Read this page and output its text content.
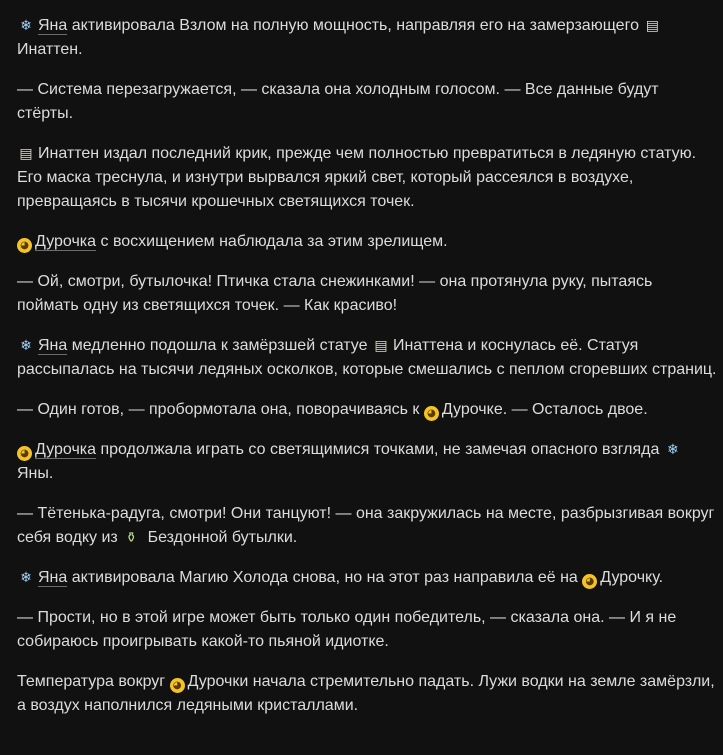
❄ Яна активировала Взлом на полную мощность, направляя его на замерзающего ▤Инаттен.

— Система перезагружается, — сказала она холодным голосом. — Все данные будут стёрты.

▤ Инаттен издал последний крик, прежде чем полностью превратиться в ледяную статую. Его маска треснула, и изнутри вырвался яркий свет, который рассеялся в воздухе, превращаясь в тысячи крошечных светящихся точек.

◕ Дурочка с восхищением наблюдала за этим зрелищем.

— Ой, смотри, бутылочка! Птичка стала снежинками! — она протянула руку, пытаясь поймать одну из светящихся точек. — Как красиво!

❄ Яна медленно подошла к замёрзшей статуе ▤ Инаттена и коснулась её. Статуя рассыпалась на тысячи ледяных осколков, которые смешались с пеплом сгоревших страниц.

— Один готов, — пробормотала она, поворачиваясь к ◕ Дурочке. — Осталось двое.

◕ Дурочка продолжала играть со светящимися точками, не замечая опасного взгляда ❄Яны.

— Тётенька-радуга, смотри! Они танцуют! — она закружилась на месте, разбрызгивая вокруг себя водку из ⚱ Бездонной бутылки.

❄ Яна активировала Магию Холода снова, но на этот раз направила её на ◕ Дурочку.

— Прости, но в этой игре может быть только один победитель, — сказала она. — И я не собираюсь проигрывать какой-то пьяной идиотке.

Температура вокруг ◕ Дурочки начала стремительно падать. Лужи водки на земле замёрзли, а воздух наполнился ледяными кристаллами.
